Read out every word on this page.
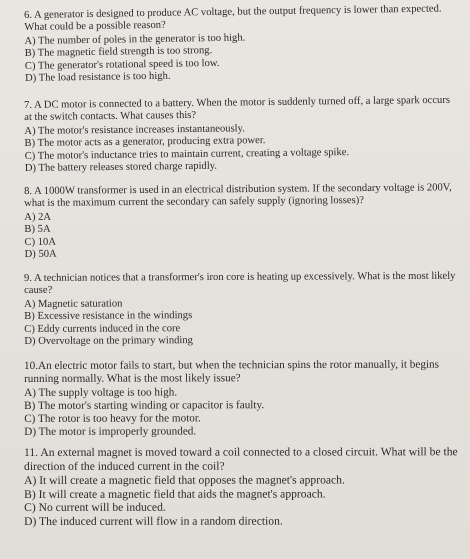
6. A generator is designed to produce AC voltage, but the output frequency is lower than expected. What could be a possible reason?

A) The number of poles in the generator is too high.
B) The magnetic field strength is too strong.
C) The generator's rotational speed is too low.
D) The load resistance is too high.

7. A DC motor is connected to a battery. When the motor is suddenly turned off, a large spark occurs at the switch contacts. What causes this?

A) The motor's resistance increases instantaneously.
B) The motor acts as a generator, producing extra power.
C) The motor's inductance tries to maintain current, creating a voltage spike.
D) The battery releases stored charge rapidly.

8. A 1000W transformer is used in an electrical distribution system. If the secondary voltage is 200V, what is the maximum current the secondary can safely supply (ignoring losses)?

A) 2A
B) 5A
C) 10A
D) 50A

9. A technician notices that a transformer's iron core is heating up excessively. What is the most likely cause?

A) Magnetic saturation
B) Excessive resistance in the windings
C) Eddy currents induced in the core
D) Overvoltage on the primary winding

10.An electric motor fails to start, but when the technician spins the rotor manually, it begins running normally. What is the most likely issue?

A) The supply voltage is too high.
B) The motor's starting winding or capacitor is faulty.
C) The rotor is too heavy for the motor.
D) The motor is improperly grounded.

11. An external magnet is moved toward a coil connected to a closed circuit. What will be the direction of the induced current in the coil?

A) It will create a magnetic field that opposes the magnet's approach.
B) It will create a magnetic field that aids the magnet's approach.
C) No current will be induced.
D) The induced current will flow in a random direction.
